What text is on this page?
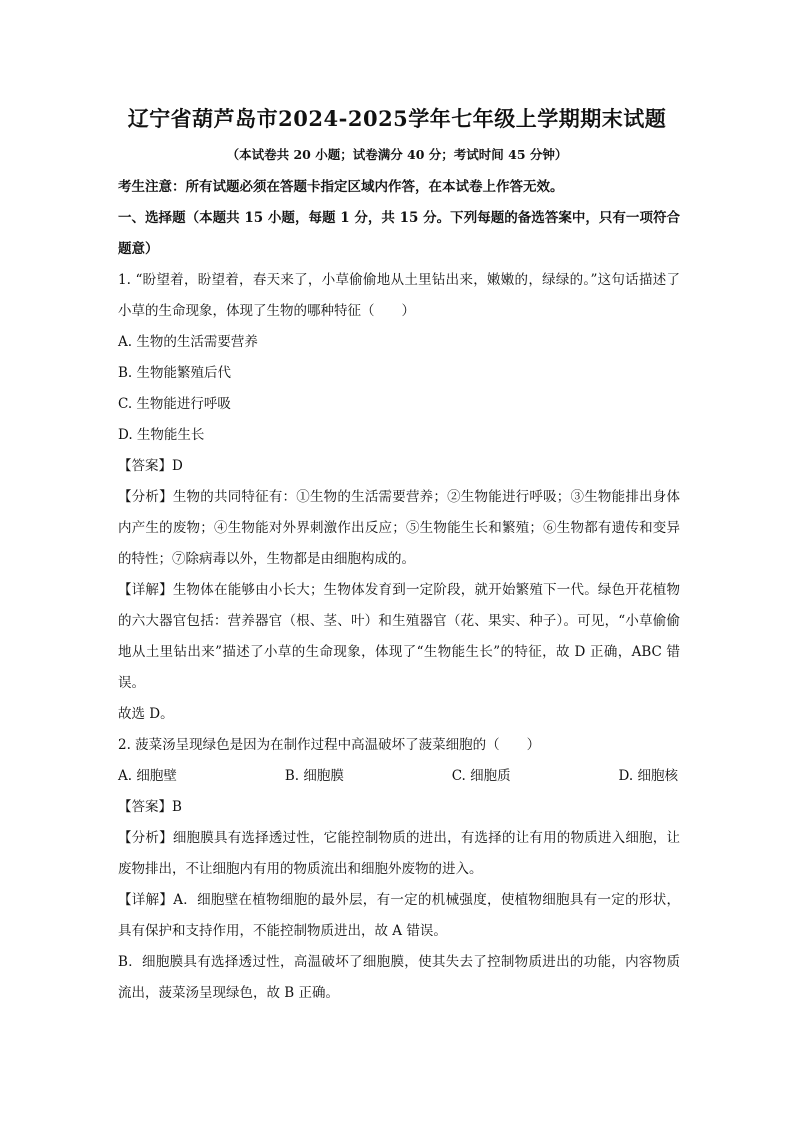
辽宁省葫芦岛市2024-2025学年七年级上学期期末试题
（本试卷共 20 小题；试卷满分 40 分；考试时间 45 分钟）

考生注意：所有试题必须在答题卡指定区域内作答，在本试卷上作答无效。

一、选择题（本题共 15 小题，每题 1 分，共 15 分。下列每题的备选答案中，只有一项符合题意）

1. “盼望着，盼望着，春天来了，小草偷偷地从土里钻出来，嫩嫩的，绿绿的。”这句话描述了小草的生命现象，体现了生物的哪种特征（　　）

A. 生物的生活需要营养

B. 生物能繁殖后代

C. 生物能进行呼吸

D. 生物能生长

【答案】D

【分析】生物的共同特征有：①生物的生活需要营养；②生物能进行呼吸；③生物能排出身体内产生的废物；④生物能对外界刺激作出反应；⑤生物能生长和繁殖；⑥生物都有遗传和变异的特性；⑦除病毒以外，生物都是由细胞构成的。

【详解】生物体在能够由小长大；生物体发育到一定阶段，就开始繁殖下一代。绿色开花植物的六大器官包括：营养器官（根、茎、叶）和生殖器官（花、果实、种子）。可见，“小草偷偷地从土里钻出来”描述了小草的生命现象，体现了“生物能生长”的特征，故 D 正确，ABC 错误。

故选 D。

2. 菠菜汤呈现绿色是因为在制作过程中高温破坏了菠菜细胞的（　　）

A. 细胞壁	B. 细胞膜	C. 细胞质	D. 细胞核

【答案】B

【分析】细胞膜具有选择透过性，它能控制物质的进出，有选择的让有用的物质进入细胞，让废物排出，不让细胞内有用的物质流出和细胞外废物的进入。

【详解】A．细胞壁在植物细胞的最外层，有一定的机械强度，使植物细胞具有一定的形状，具有保护和支持作用，不能控制物质进出，故 A 错误。

B．细胞膜具有选择透过性，高温破坏了细胞膜，使其失去了控制物质进出的功能，内容物质流出，菠菜汤呈现绿色，故 B 正确。
